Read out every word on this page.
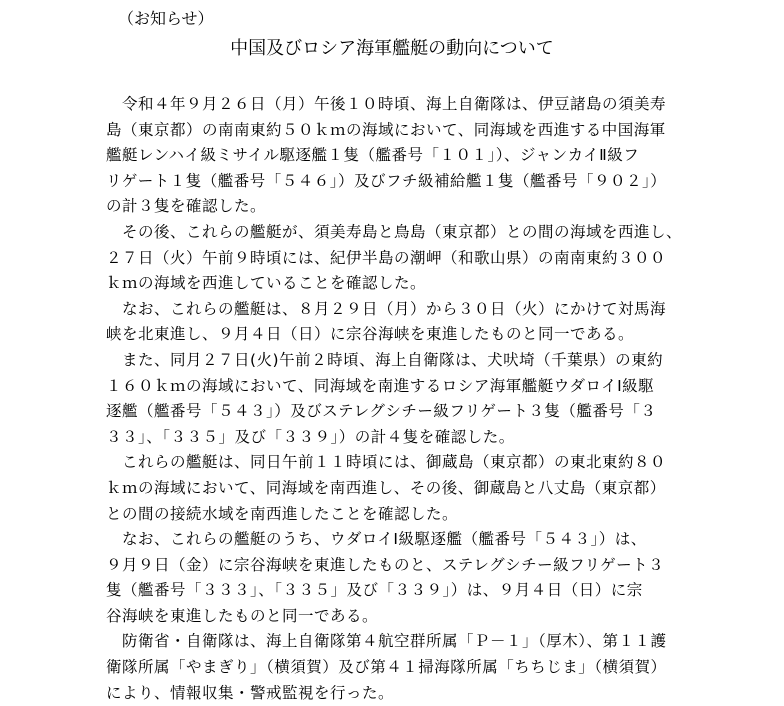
（お知らせ）
中国及びロシア海軍艦艇の動向について
令和４年９月２６日（月）午後１０時頃、海上自衛隊は、伊豆諸島の須美寿
島（東京都）の南南東約５０ｋｍの海域において、同海域を西進する中国海軍
艦艇レンハイ級ミサイル駆逐艦１隻（艦番号「１０１」）、ジャンカイⅡ級フ
リゲート１隻（艦番号「５４６」）及びフチ級補給艦１隻（艦番号「９０２」）
の計３隻を確認した。
その後、これらの艦艇が、須美寿島と鳥島（東京都）との間の海域を西進し、
２７日（火）午前９時頃には、紀伊半島の潮岬（和歌山県）の南南東約３００
ｋｍの海域を西進していることを確認した。
なお、これらの艦艇は、８月２９日（月）から３０日（火）にかけて対馬海
峡を北東進し、９月４日（日）に宗谷海峡を東進したものと同一である。
また、同月２７日(火)午前２時頃、海上自衛隊は、犬吠埼（千葉県）の東約
１６０ｋｍの海域において、同海域を南進するロシア海軍艦艇ウダロイⅠ級駆
逐艦（艦番号「５４３」）及びステレグシチー級フリゲート３隻（艦番号「３
３３」、「３３５」及び「３３９」）の計４隻を確認した。
これらの艦艇は、同日午前１１時頃には、御蔵島（東京都）の東北東約８０
ｋｍの海域において、同海域を南西進し、その後、御蔵島と八丈島（東京都）
との間の接続水域を南西進したことを確認した。
なお、これらの艦艇のうち、ウダロイⅠ級駆逐艦（艦番号「５４３」）は、
９月９日（金）に宗谷海峡を東進したものと、ステレグシチー級フリゲート３
隻（艦番号「３３３」、「３３５」及び「３３９」）は、９月４日（日）に宗
谷海峡を東進したものと同一である。
防衛省・自衛隊は、海上自衛隊第４航空群所属「Ｐ－１」（厚木）、第１１護
衛隊所属「やまぎり」（横須賀）及び第４１掃海隊所属「ちちじま」（横須賀）
により、情報収集・警戒監視を行った。
